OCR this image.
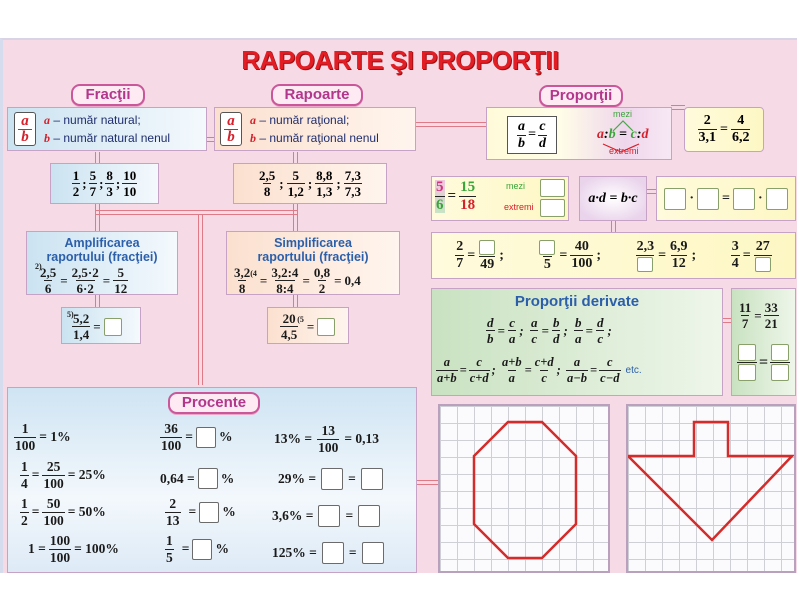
RAPOARTE ŞI PROPORŢII
Fracţii
a
b
a – număr natural;
b – număr natural nenul
$\frac{1}{2}$ ; $\frac{5}{7}$ ; $\frac{8}{3}$ ; $\frac{10}{10}$
Rapoarte
a
b
a – număr raţional;
b – număr raţional nenul
$\frac{2,5}{8}$ ; $\frac{5}{1,2}$ ; $\frac{8,8}{1,3}$ ; $\frac{7,3}{7,3}$
Amplificarea
raportului (fracţiei)
2)
$\frac{2,5}{6} = \frac{2,5\cdot 2}{6\cdot 2} = \frac{5}{12}$
5)
$\frac{5,2}{1,4}$ =
Simplificarea
raportului (fracţiei)
$\frac{3,2}{8} (4 = \frac{3,2:4}{8:4} = \frac{0,8}{2} = 0,4$
$\frac{20}{4,5} (5$ =
Proporţii
$\frac{a}{b} = \frac{c}{d}$
mezi
a:b = c:d
extremi
$\frac{2}{3,1} = \frac{4}{6,2}$
$\frac{5}{6} = \frac{15}{18}$	mezi
extremi
a·d = b·c	· = ·
$\frac{2}{7}$ =
49
;
5
= $\frac{40}{100}$ ;
2,3
= $\frac{6,9}{12}$ ; $\frac{3}{4}$ =
27
Proporţii derivate
$\frac{d}{b} = \frac{c}{a}$ ; $\frac{a}{c} = \frac{b}{d}$ ; $\frac{b}{a} = \frac{d}{c}$ ;
$\frac{a}{a+b} = \frac{c}{c+d}$ ; $\frac{a+b}{a} = \frac{c+d}{c}$ ; $\frac{a}{a-b} = \frac{c}{c-d}$ etc.
$\frac{11}{7} = \frac{33}{21}$
=
Procente
$\frac{1}{100} = 1\%$
$\frac{1}{4} = \frac{25}{100} = 25\%$
$\frac{1}{2} = \frac{50}{100} = 50\%$
$1 = \frac{100}{100} = 100\%$
$\frac{36}{100}$ = %
0,64 = %
$\frac{2}{13}$ = %
$\frac{1}{5}$ = %
$13\% = \frac{13}{100} = 0,13$
29% = =
3,6% = =
125% = =
